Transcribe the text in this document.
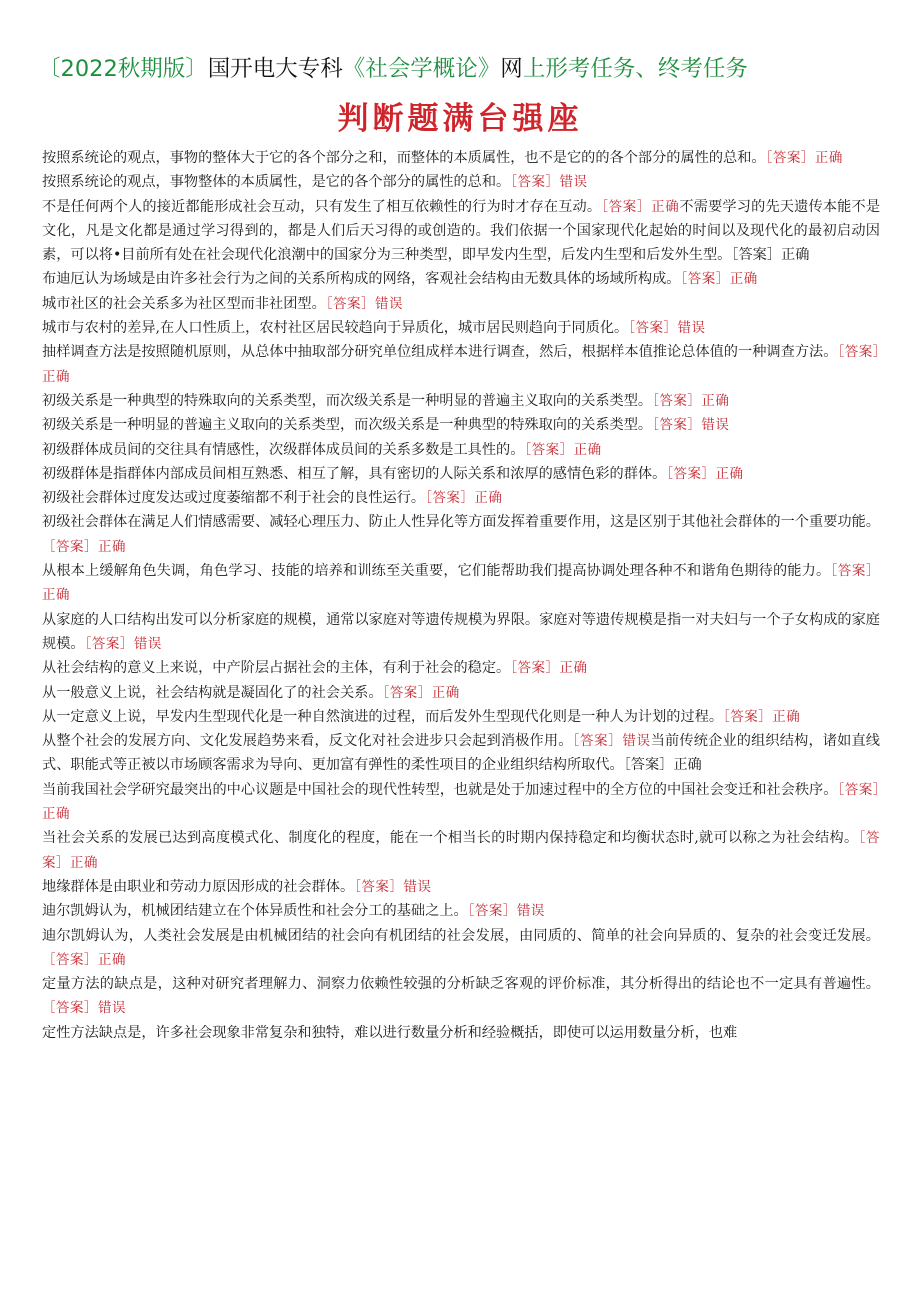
〔2022秋期版〕国开电大专科《社会学概论》网上形考任务、终考任务
判断题满台强座

按照系统论的观点，事物的整体大于它的各个部分之和，而整体的本质属性，也不是它的的各个部分的属性的总和。［答案］正确

按照系统论的观点，事物整体的本质属性，是它的各个部分的属性的总和。［答案］错误

不是任何两个人的接近都能形成社会互动，只有发生了相互依赖性的行为时才存在互动。［答案］正确不需要学习的先天遗传本能不是文化，凡是文化都是通过学习得到的，都是人们后天习得的或创造的。我们依据一个国家现代化起始的时间以及现代化的最初启动因素，可以将•目前所有处在社会现代化浪潮中的国家分为三种类型，即早发内生型，后发内生型和后发外生型。［答案］正确

布迪厄认为场域是由许多社会行为之间的关系所构成的网络，客观社会结构由无数具体的场域所构成。［答案］正确

城市社区的社会关系多为社区型而非社团型。［答案］错误

城市与农村的差异,在人口性质上，农村社区居民较趋向于异质化，城市居民则趋向于同质化。［答案］错误

抽样调查方法是按照随机原则，从总体中抽取部分研究单位组成样本进行调查，然后，根据样本值推论总体值的一种调查方法。［答案］正确

初级关系是一种典型的特殊取向的关系类型，而次级关系是一种明显的普遍主义取向的关系类型。［答案］正确

初级关系是一种明显的普遍主义取向的关系类型，而次级关系是一种典型的特殊取向的关系类型。［答案］错误

初级群体成员间的交往具有情感性，次级群体成员间的关系多数是工具性的。［答案］正确

初级群体是指群体内部成员间相互熟悉、相互了解，具有密切的人际关系和浓厚的感情色彩的群体。［答案］正确

初级社会群体过度发达或过度萎缩都不利于社会的良性运行。［答案］正确

初级社会群体在满足人们情感需要、减轻心理压力、防止人性异化等方面发挥着重要作用，这是区别于其他社会群体的一个重要功能。［答案］正确

从根本上缓解角色失调，角色学习、技能的培养和训练至关重要，它们能帮助我们提高协调处理各种不和谐角色期待的能力。［答案］正确

从家庭的人口结构出发可以分析家庭的规模，通常以家庭对等遗传规模为界限。家庭对等遗传规模是指一对夫妇与一个子女构成的家庭规模。［答案］错误

从社会结构的意义上来说，中产阶层占据社会的主体，有利于社会的稳定。［答案］正确

从一般意义上说，社会结构就是凝固化了的社会关系。［答案］正确

从一定意义上说，早发内生型现代化是一种自然演进的过程，而后发外生型现代化则是一种人为计划的过程。［答案］正确

从整个社会的发展方向、文化发展趋势来看，反文化对社会进步只会起到消极作用。［答案］错误当前传统企业的组织结构，诸如直线式、职能式等正被以市场顾客需求为导向、更加富有弹性的柔性项目的企业组织结构所取代。［答案］正确

当前我国社会学研究最突出的中心议题是中国社会的现代性转型，也就是处于加速过程中的全方位的中国社会变迁和社会秩序。［答案］正确

当社会关系的发展已达到高度模式化、制度化的程度，能在一个相当长的时期内保持稳定和均衡状态时,就可以称之为社会结构。［答案］正确

地缘群体是由职业和劳动力原因形成的社会群体。［答案］错误

迪尔凯姆认为，机械团结建立在个体异质性和社会分工的基础之上。［答案］错误

迪尔凯姆认为，人类社会发展是由机械团结的社会向有机团结的社会发展，由同质的、简单的社会向异质的、复杂的社会变迁发展。［答案］正确

定量方法的缺点是，这种对研究者理解力、洞察力依赖性较强的分析缺乏客观的评价标准，其分析得出的结论也不一定具有普遍性。［答案］错误

定性方法缺点是，许多社会现象非常复杂和独特，难以进行数量分析和经验概括，即使可以运用数量分析，也难
